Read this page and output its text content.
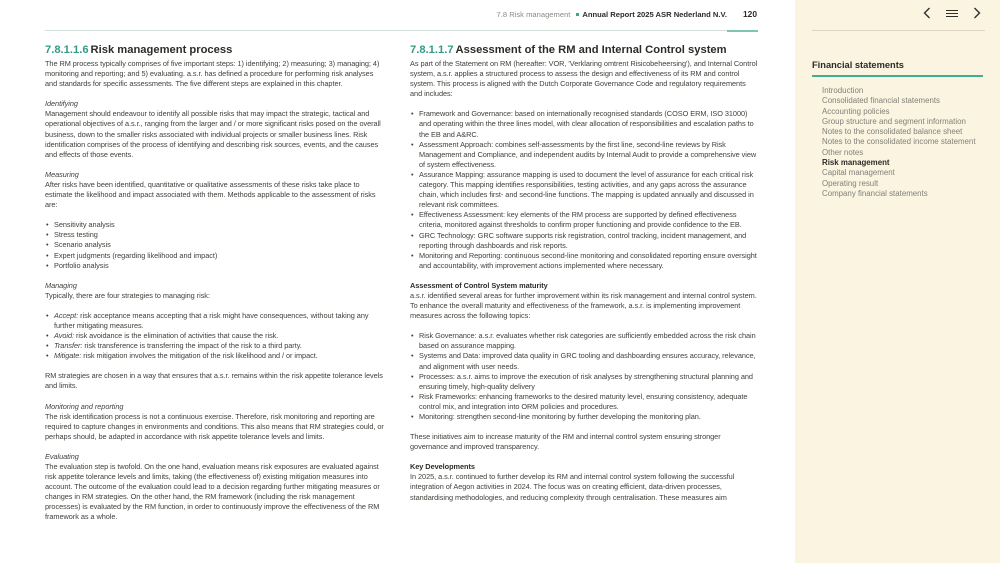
7.8 Risk management Annual Report 2025 ASR Nederland N.V. 120
7.8.1.1.6 Risk management process

The RM process typically comprises of five important steps: 1) identifying; 2) measuring; 3) managing; 4) monitoring and reporting; and 5) evaluating. a.s.r. has defined a procedure for performing risk analyses and standards for specific assessments. The five different steps are explained in this chapter.

Identifying

Management should endeavour to identify all possible risks that may impact the strategic, tactical and operational objectives of a.s.r., ranging from the larger and / or more significant risks posed on the overall business, down to the smaller risks associated with individual projects or smaller business lines. Risk identification comprises of the process of identifying and describing risk sources, events, and the causes and effects of those events.

Measuring

After risks have been identified, quantitative or qualitative assessments of these risks take place to estimate the likelihood and impact associated with them. Methods applicable to the assessment of risks are:

• Sensitivity analysis
• Stress testing
• Scenario analysis
• Expert judgments (regarding likelihood and impact)
• Portfolio analysis
Managing

Typically, there are four strategies to managing risk:

• Accept: risk acceptance means accepting that a risk might have consequences, without taking any further mitigating measures.
• Avoid: risk avoidance is the elimination of activities that cause the risk.
• Transfer: risk transference is transferring the impact of the risk to a third party.
• Mitigate: risk mitigation involves the mitigation of the risk likelihood and / or impact.

RM strategies are chosen in a way that ensures that a.s.r. remains within the risk appetite tolerance levels and limits.

Monitoring and reporting

The risk identification process is not a continuous exercise. Therefore, risk monitoring and reporting are required to capture changes in environments and conditions. This also means that RM strategies could, or perhaps should, be adapted in accordance with risk appetite tolerance levels and limits.

Evaluating

The evaluation step is twofold. On the one hand, evaluation means risk exposures are evaluated against risk appetite tolerance levels and limits, taking (the effectiveness of) existing mitigation measures into account. The outcome of the evaluation could lead to a decision regarding further mitigating measures or changes in RM strategies. On the other hand, the RM framework (including the risk management processes) is evaluated by the RM function, in order to continuously improve the effectiveness of the RM framework as a whole.

7.8.1.1.7 Assessment of the RM and Internal Control system

As part of the Statement on RM (hereafter: VOR, 'Verklaring omtrent Risicobeheersing'), and Internal Control system, a.s.r. applies a structured process to assess the design and effectiveness of its RM and control system. This process is aligned with the Dutch Corporate Governance Code and regulatory requirements and includes:

• Framework and Governance: based on internationally recognised standards (COSO ERM, ISO 31000) and operating within the three lines model, with clear allocation of responsibilities and escalation paths to the EB and A&RC.
• Assessment Approach: combines self-assessments by the first line, second-line reviews by Risk Management and Compliance, and independent audits by Internal Audit to provide a comprehensive view of system effectiveness.
• Assurance Mapping: assurance mapping is used to document the level of assurance for each critical risk category. This mapping identifies responsibilities, testing activities, and any gaps across the assurance chain, which includes first- and second-line functions. The mapping is updated annually and discussed in relevant risk committees.
• Effectiveness Assessment: key elements of the RM process are supported by defined effectiveness criteria, monitored against thresholds to confirm proper functioning and provide confidence to the EB.
• GRC Technology: GRC software supports risk registration, control tracking, incident management, and reporting through dashboards and risk reports.
• Monitoring and Reporting: continuous second-line monitoring and consolidated reporting ensure oversight and accountability, with improvement actions implemented where necessary.
Assessment of Control System maturity

a.s.r. identified several areas for further improvement within its risk management and internal control system. To enhance the overall maturity and effectiveness of the framework, a.s.r. is implementing improvement measures across the following topics:

• Risk Governance: a.s.r. evaluates whether risk categories are sufficiently embedded across the risk chain based on assurance mapping.
• Systems and Data: improved data quality in GRC tooling and dashboarding ensures accuracy, relevance, and alignment with user needs.
• Processes: a.s.r. aims to improve the execution of risk analyses by strengthening structural planning and ensuring timely, high-quality delivery
• Risk Frameworks: enhancing frameworks to the desired maturity level, ensuring consistency, adequate control mix, and integration into ORM policies and procedures.
• Monitoring: strengthen second-line monitoring by further developing the monitoring plan.

These initiatives aim to increase maturity of the RM and internal control system ensuring stronger governance and improved transparency.

Key Developments

In 2025, a.s.r. continued to further develop its RM and internal control system following the successful integration of Aegon activities in 2024. The focus was on creating efficient, data-driven processes, standardising methodologies, and reducing complexity through centralisation. These measures aim

Financial statements
Introduction
Consolidated financial statements
Accounting policies
Group structure and segment information
Notes to the consolidated balance sheet
Notes to the consolidated income statement
Other notes
Risk management
Capital management
Operating result
Company financial statements
